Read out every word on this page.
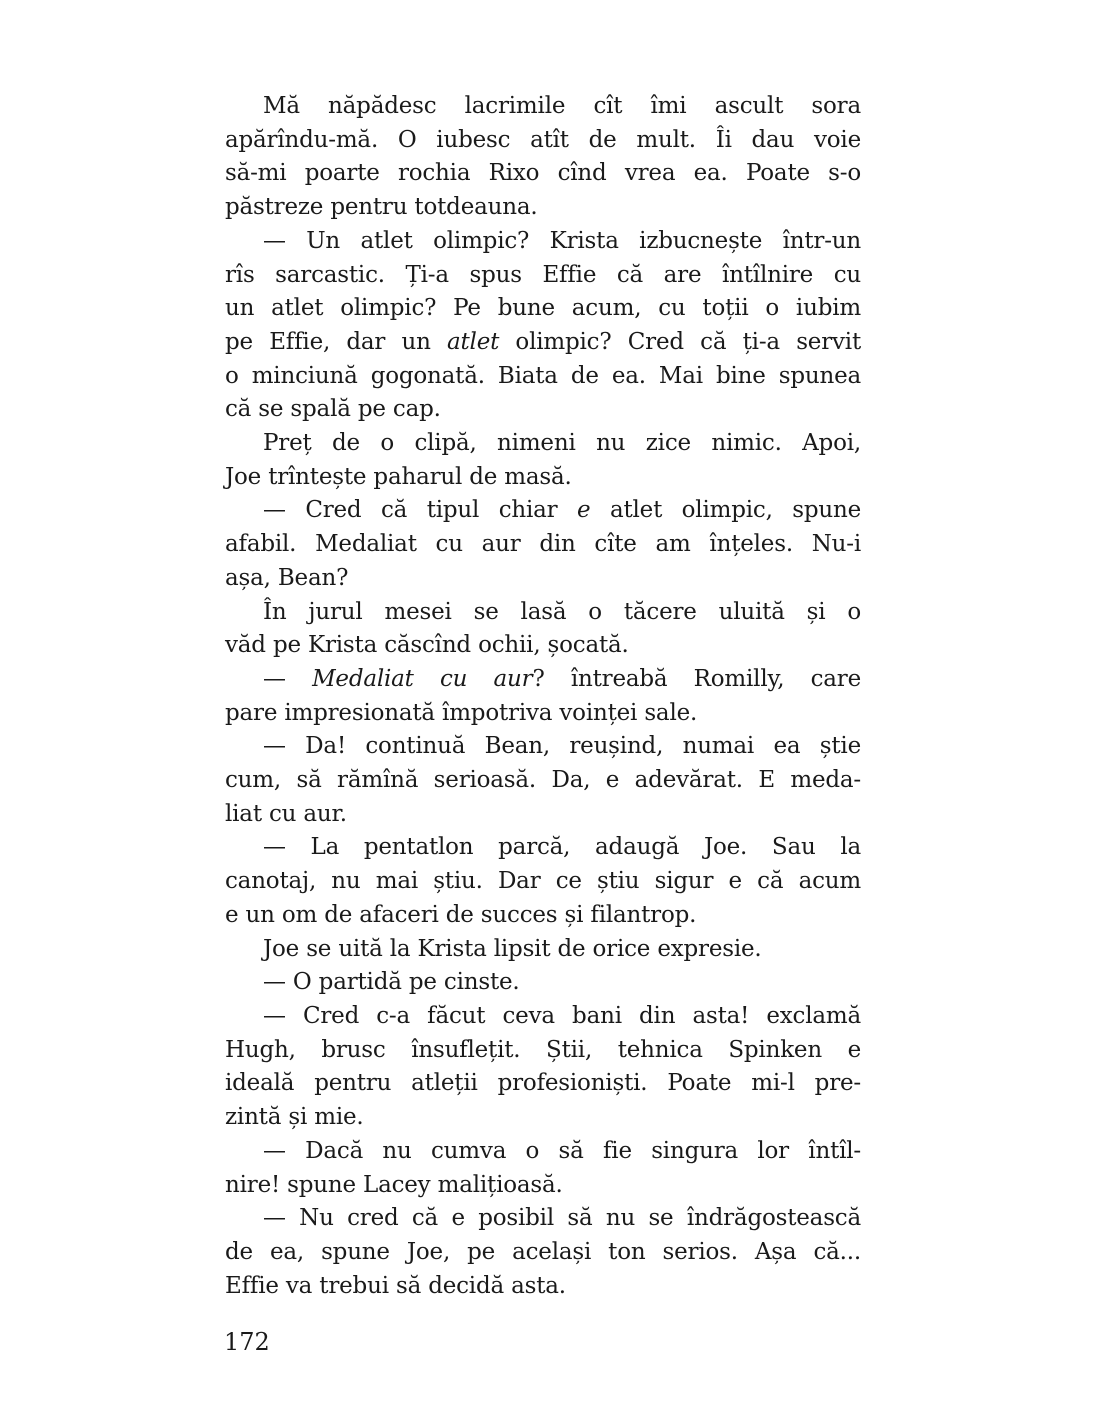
Mă năpădesc lacrimile cît îmi ascult sora
apărîndu-mă. O iubesc atît de mult. Îi dau voie
să-mi poarte rochia Rixo cînd vrea ea. Poate s-o
păstreze pentru totdeauna.
— Un atlet olimpic? Krista izbucnește într-un
rîs sarcastic. Ți-a spus Effie că are întîlnire cu
un atlet olimpic? Pe bune acum, cu toții o iubim
pe Effie, dar un atlet olimpic? Cred că ți-a servit
o minciună gogonată. Biata de ea. Mai bine spunea
că se spală pe cap.
Preț de o clipă, nimeni nu zice nimic. Apoi,
Joe trîntește paharul de masă.
— Cred că tipul chiar e atlet olimpic, spune
afabil. Medaliat cu aur din cîte am înțeles. Nu-i
așa, Bean?
În jurul mesei se lasă o tăcere uluită și o
văd pe Krista căscînd ochii, șocată.
— Medaliat cu aur? întreabă Romilly, care
pare impresionată împotriva voinței sale.
— Da! continuă Bean, reușind, numai ea știe
cum, să rămînă serioasă. Da, e adevărat. E meda-
liat cu aur.
— La pentatlon parcă, adaugă Joe. Sau la
canotaj, nu mai știu. Dar ce știu sigur e că acum
e un om de afaceri de succes și filantrop.
Joe se uită la Krista lipsit de orice expresie.
— O partidă pe cinste.
— Cred c-a făcut ceva bani din asta! exclamă
Hugh, brusc însuflețit. Știi, tehnica Spinken e
ideală pentru atleții profesioniști. Poate mi-l pre-
zintă și mie.
— Dacă nu cumva o să fie singura lor întîl-
nire! spune Lacey malițioasă.
— Nu cred că e posibil să nu se îndrăgostească
de ea, spune Joe, pe același ton serios. Așa că...
Effie va trebui să decidă asta.
172
